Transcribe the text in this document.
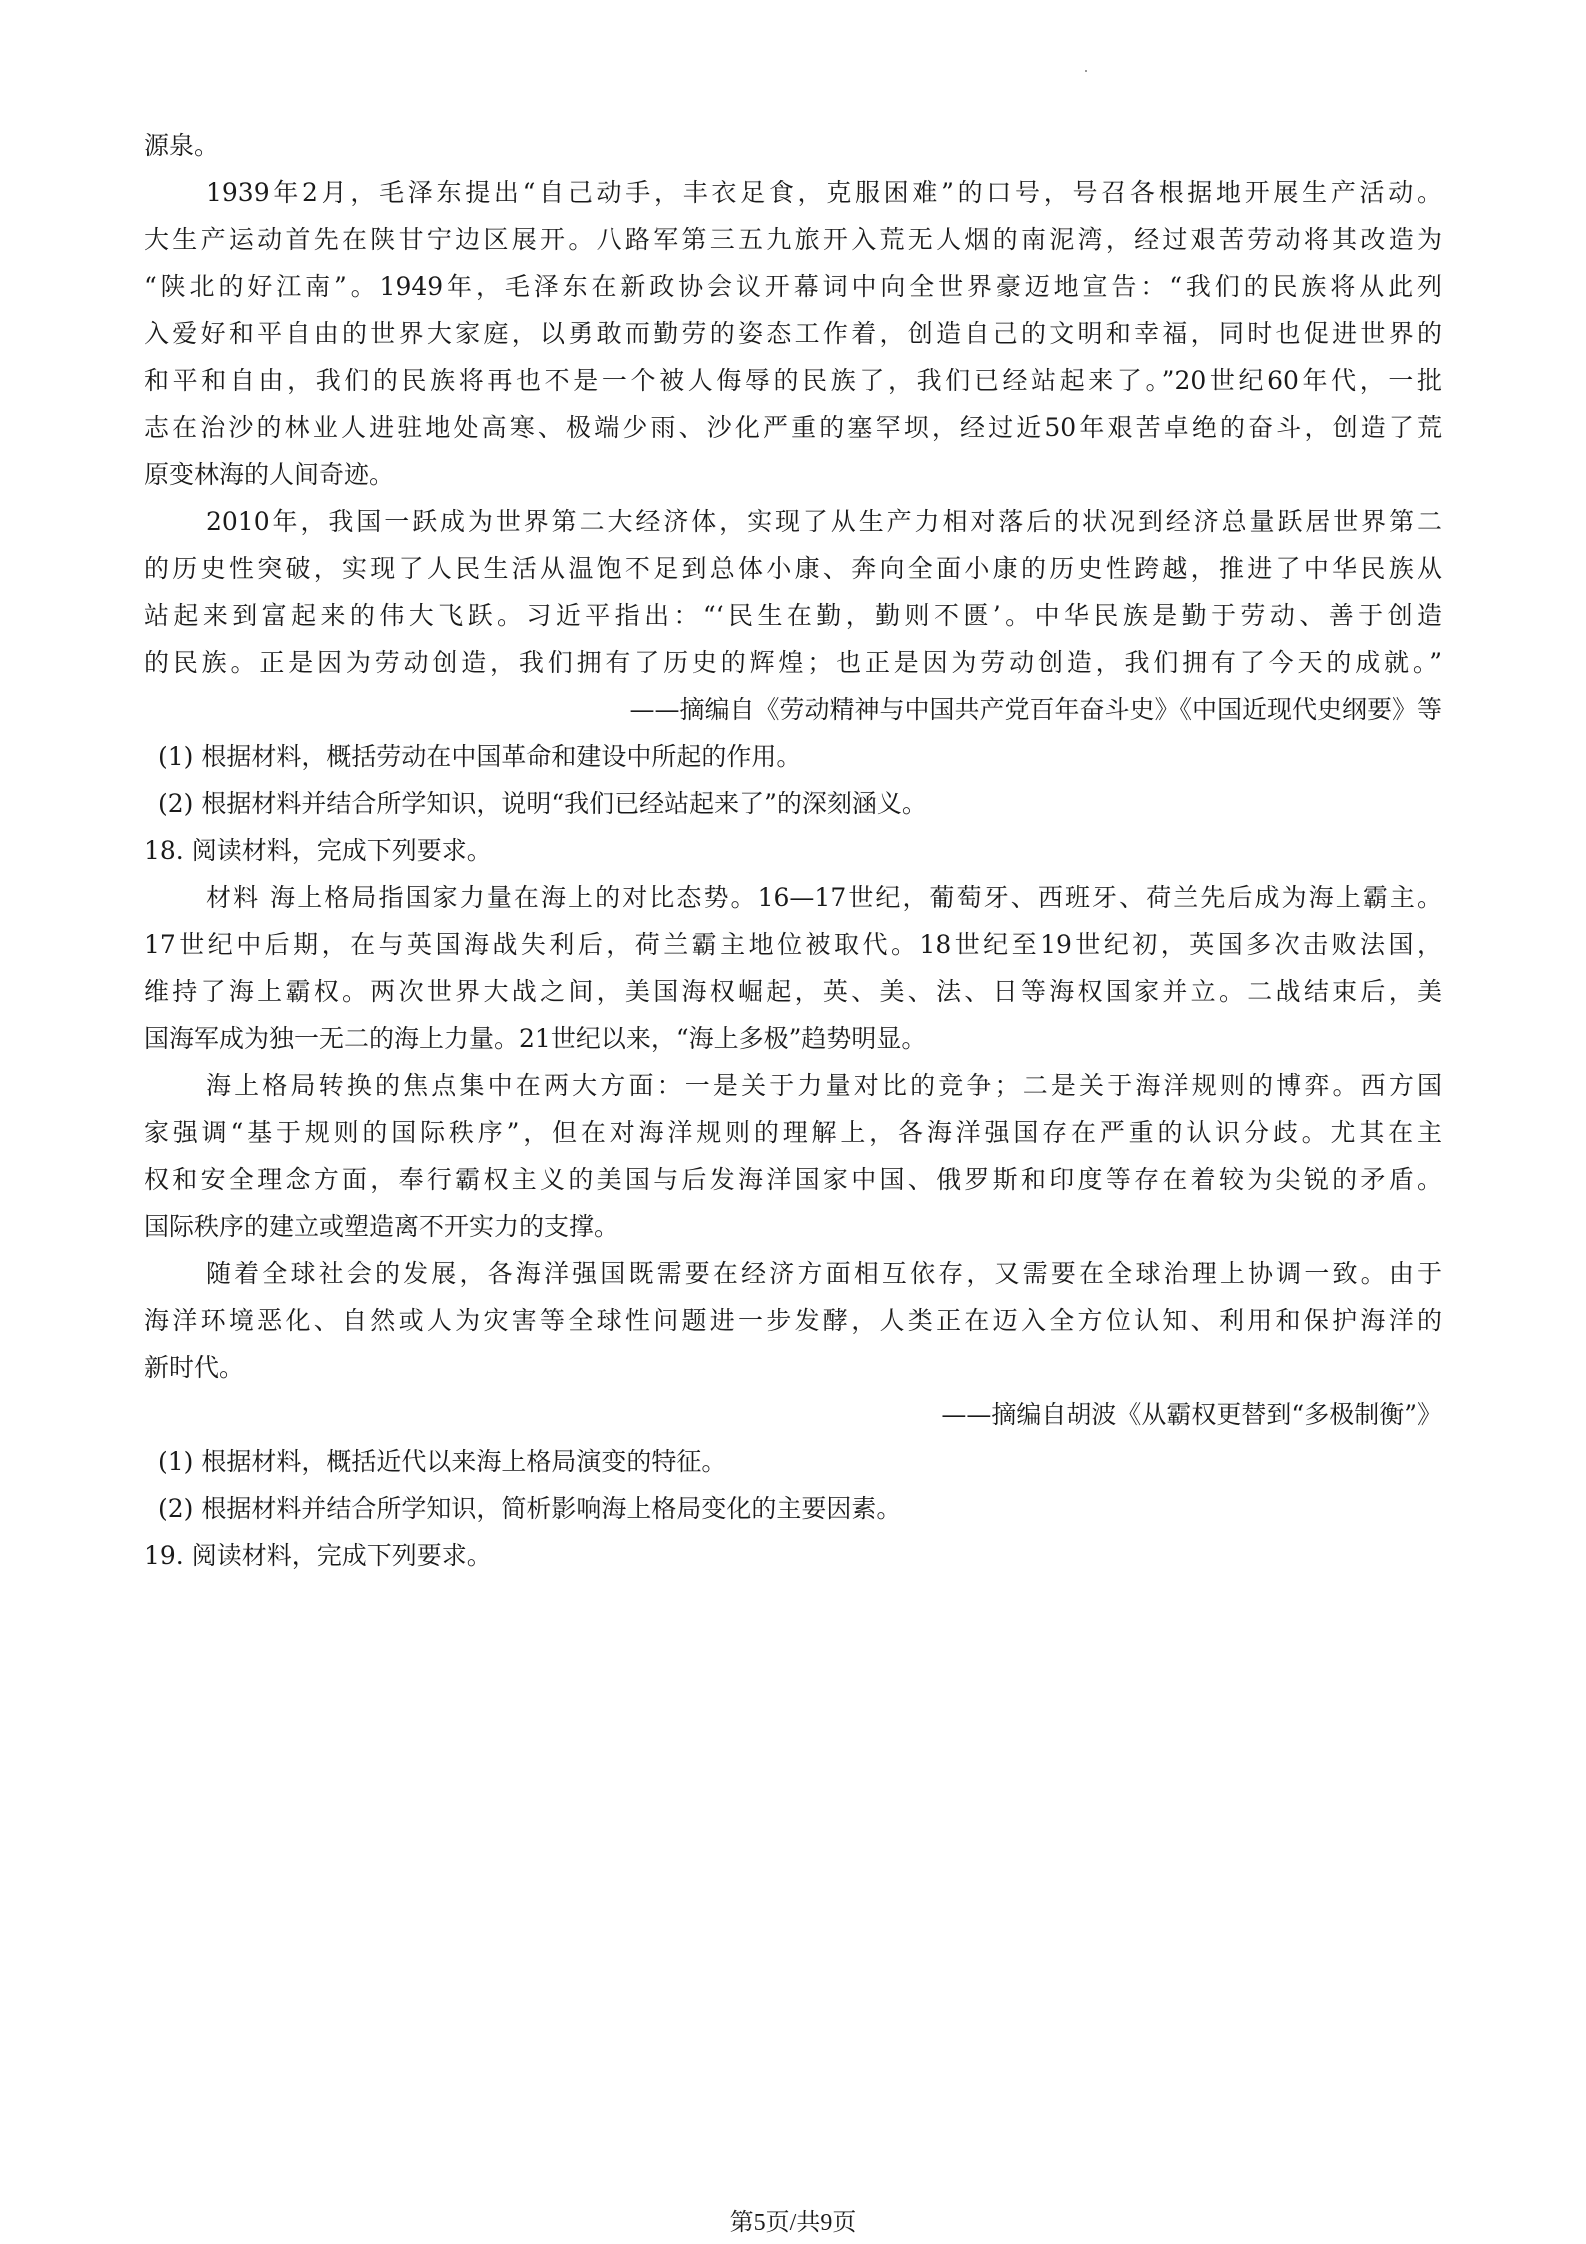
源泉。
1939年2月，毛泽东提出“自己动手，丰衣足食，克服困难”的口号，号召各根据地开展生产活动。
大生产运动首先在陕甘宁边区展开。八路军第三五九旅开入荒无人烟的南泥湾，经过艰苦劳动将其改造为
“陕北的好江南”。1949年，毛泽东在新政协会议开幕词中向全世界豪迈地宣告：“我们的民族将从此列
入爱好和平自由的世界大家庭，以勇敢而勤劳的姿态工作着，创造自己的文明和幸福，同时也促进世界的
和平和自由，我们的民族将再也不是一个被人侮辱的民族了，我们已经站起来了。”20世纪60年代，一批
志在治沙的林业人进驻地处高寒、极端少雨、沙化严重的塞罕坝，经过近50年艰苦卓绝的奋斗，创造了荒
原变林海的人间奇迹。
2010年，我国一跃成为世界第二大经济体，实现了从生产力相对落后的状况到经济总量跃居世界第二
的历史性突破，实现了人民生活从温饱不足到总体小康、奔向全面小康的历史性跨越，推进了中华民族从
站起来到富起来的伟大飞跃。习近平指出：“‘民生在勤，勤则不匮’。中华民族是勤于劳动、善于创造
的民族。正是因为劳动创造，我们拥有了历史的辉煌；也正是因为劳动创造，我们拥有了今天的成就。”
——摘编自《劳动精神与中国共产党百年奋斗史》《中国近现代史纲要》等
(1) 根据材料，概括劳动在中国革命和建设中所起的作用。
(2) 根据材料并结合所学知识，说明“我们已经站起来了”的深刻涵义。
18. 阅读材料，完成下列要求。
材料 海上格局指国家力量在海上的对比态势。16—17世纪，葡萄牙、西班牙、荷兰先后成为海上霸主。
17世纪中后期，在与英国海战失利后，荷兰霸主地位被取代。18世纪至19世纪初，英国多次击败法国，
维持了海上霸权。两次世界大战之间，美国海权崛起，英、美、法、日等海权国家并立。二战结束后，美
国海军成为独一无二的海上力量。21世纪以来，“海上多极”趋势明显。
海上格局转换的焦点集中在两大方面：一是关于力量对比的竞争；二是关于海洋规则的博弈。西方国
家强调“基于规则的国际秩序”，但在对海洋规则的理解上，各海洋强国存在严重的认识分歧。尤其在主
权和安全理念方面，奉行霸权主义的美国与后发海洋国家中国、俄罗斯和印度等存在着较为尖锐的矛盾。
国际秩序的建立或塑造离不开实力的支撑。
随着全球社会的发展，各海洋强国既需要在经济方面相互依存，又需要在全球治理上协调一致。由于
海洋环境恶化、自然或人为灾害等全球性问题进一步发酵，人类正在迈入全方位认知、利用和保护海洋的
新时代。
——摘编自胡波《从霸权更替到“多极制衡”》
(1) 根据材料，概括近代以来海上格局演变的特征。
(2) 根据材料并结合所学知识，简析影响海上格局变化的主要因素。
19. 阅读材料，完成下列要求。
第5页/共9页
